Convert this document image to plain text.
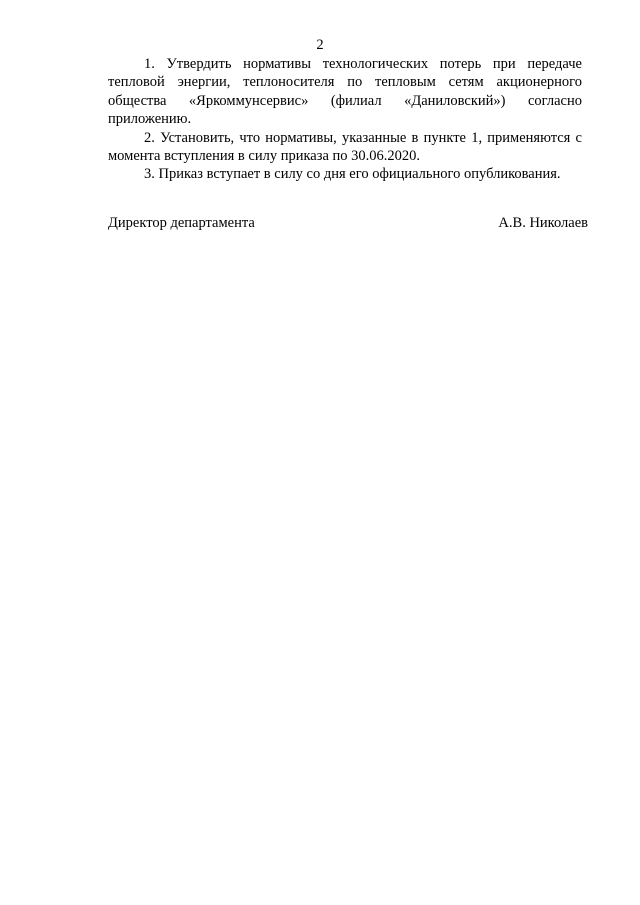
2

1. Утвердить нормативы технологических потерь при передаче тепловой энергии, теплоносителя по тепловым сетям акционерного общества «Яркоммунсервис» (филиал «Даниловский») согласно приложению.

2. Установить, что нормативы, указанные в пункте 1, применяются с момента вступления в силу приказа по 30.06.2020.

3. Приказ вступает в силу со дня его официального опубликования.

Директор департамента	А.В. Николаев
